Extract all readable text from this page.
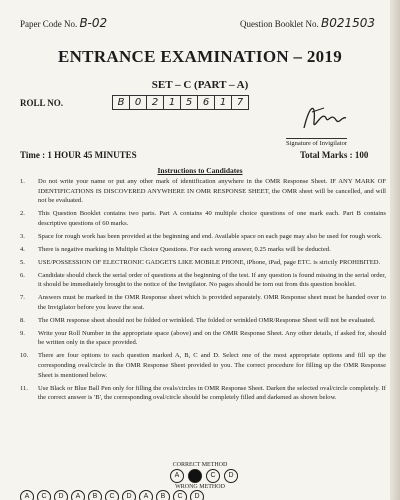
Paper Code No. B-02	Question Booklet No. B021503
ENTRANCE EXAMINATION – 2019
SET – C (PART – A)
ROLL NO.	B	0	2	1	5	6	1	7
Signature of Invigilator
Time : 1 HOUR 45 MINUTES	Total Marks : 100
Instructions to Candidates
1. Do not write your name or put any other mark of identification anywhere in the OMR Response Sheet. IF ANY MARK OF IDENTIFICATIONS IS DISCOVERED ANYWHERE IN OMR RESPONSE SHEET, the OMR sheet will be cancelled, and will not be evaluated.
2. This Question Booklet contains two parts. Part A contains 40 multiple choice questions of one mark each. Part B contains descriptive questions of 60 marks.
3. Space for rough work has been provided at the beginning and end. Available space on each page may also be used for rough work.
4. There is negative marking in Multiple Choice Questions. For each wrong answer, 0.25 marks will be deducted.
5. USE/POSSESSION OF ELECTRONIC GADGETS LIKE MOBILE PHONE, iPhone, iPad, page ETC. is strictly PROHIBITED.
6. Candidate should check the serial order of questions at the beginning of the test. If any question is found missing in the serial order, it should be immediately brought to the notice of the Invigilator. No pages should be torn out from this question booklet.
7. Answers must be marked in the OMR Response sheet which is provided separately. OMR Response sheet must be handed over to the Invigilator before you leave the seat.
8. The OMR response sheet should not be folded or wrinkled. The folded or wrinkled OMR/Response Sheet will not be evaluated.
9. Write your Roll Number in the appropriate space (above) and on the OMR Response Sheet. Any other details, if asked for, should be written only in the space provided.
10. There are four options to each question marked A, B, C and D. Select one of the most appropriate options and fill up the corresponding oval/circle in the OMR Response Sheet provided to you. The correct procedure for filling up the OMR Response Sheet is mentioned below.
11. Use Black or Blue Ball Pen only for filling the ovals/circles in OMR Response Sheet. Darken the selected oval/circle completely. If the correct answer is 'B', the corresponding oval/circle should be completely filled and darkened as shown below.
CORRECT METHOD
A	C	D
WRONG METHOD
A	C	D	A	B	C	D	A	B	C	D
